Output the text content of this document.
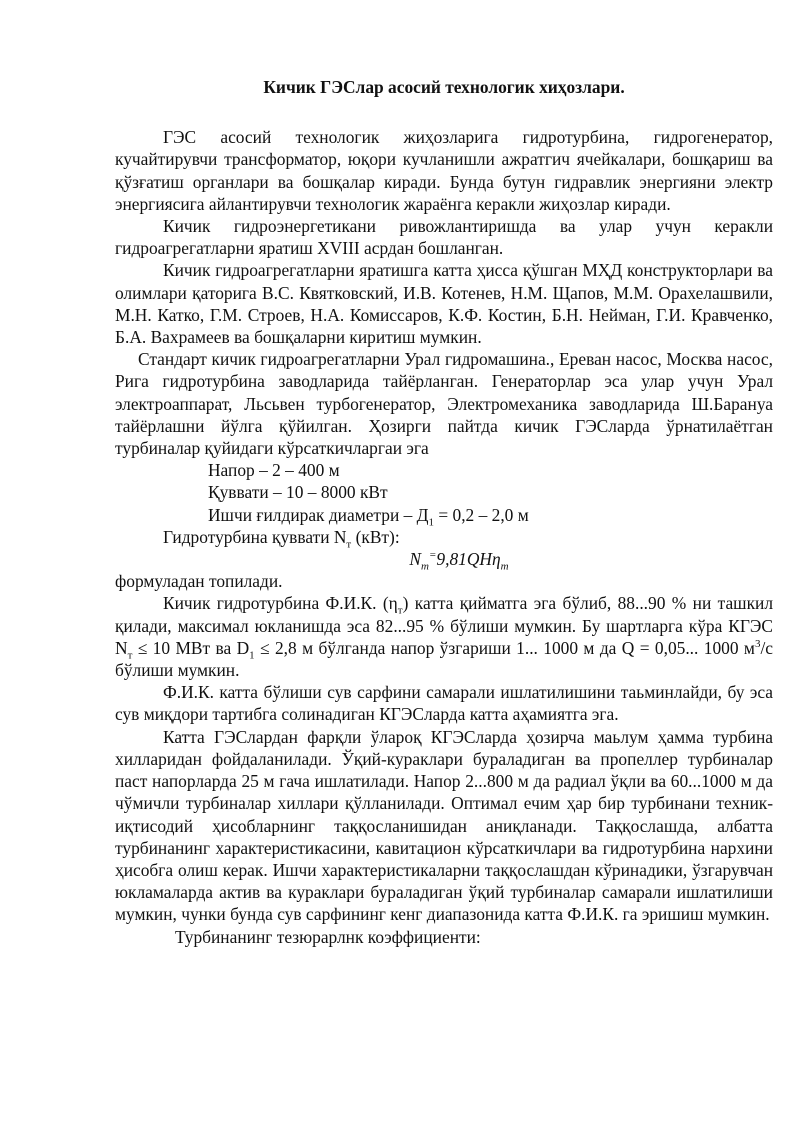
Кичик ГЭСлар асосий технологик хиҳозлари.

ГЭС асосий технологик жиҳозларига гидротурбина, гидрогенератор, кучайтирувчи трансформатор, юқори кучланишли ажратгич ячейкалари, бошқариш ва қўзғатиш органлари ва бошқалар киради. Бунда бутун гидравлик энергияни электр энергиясига айлантирувчи технологик жараёнга керакли жиҳозлар киради.

Кичик гидроэнергетикани ривожлантиришда ва улар учун керакли гидроагрегатларни яратиш XVIII асрдан бошланган.

Кичик гидроагрегатларни яратишга катта ҳисса қўшган МҲД конструкторлари ва олимлари қаторига В.С. Квятковский, И.В. Котенев, Н.М. Щапов, М.М. Орахелашвили, М.Н. Катко, Г.М. Строев, Н.А. Комиссаров, К.Ф. Костин, Б.Н. Нейман, Г.И. Кравченко, Б.А. Вахрамеев ва бошқаларни киритиш мумкин.

Стандарт кичик гидроагрегатларни Урал гидромашина., Ереван насос, Москва насос, Рига гидротурбина заводларида тайёрланган. Генераторлар эса улар учун Урал электроаппарат, Льсьвен турбогенератор, Электромеханика заводларида Ш.Барануа тайёрлашни йўлга қўйилган. Ҳозирги пайтда кичик ГЭСларда ўрнатилаётган турбиналар қуйидаги кўрсаткичларгаи эга

Напор – 2 – 400 м

Қуввати – 10 – 8000 кВт

Ишчи ғилдирак диаметри – $Д_1 = 0,2 - 2,0$ м

Гидротурбина қуввати $N_т$ (кВт):

$N_т^=9,81QH\eta_т$

формуладан топилади.

Кичик гидротурбина Ф.И.К. $(\eta_т)$ катта қийматга эга бўлиб, 88...90 % ни ташкил қилади, максимал юкланишда эса 82...95 % бўлиши мумкин. Бу шартларга кўра КГЭС $N_т \le 10$ МВт ва $D_1 \le 2,8$ м бўлганда напор ўзгариши 1... 1000 м да Q = 0,05... 1000 $м^3/с$ бўлиши мумкин.

Ф.И.К. катта бўлиши сув сарфини самарали ишлатилишини таьминлайди, бу эса сув миқдори тартибга солинадиган КГЭСларда катта аҳамиятга эга.

Катта ГЭСлардан фарқли ўлароқ КГЭСларда ҳозирча маьлум ҳамма турбина хилларидан фойдаланилади. Ўқий-кураклари бураладиган ва пропеллер турбиналар паст напорларда 25 м гача ишлатилади. Напор 2...800 м да радиал ўқли ва 60...1000 м да чўмичли турбиналар хиллари қўлланилади. Оптимал ечим ҳар бир турбинани техник-иқтисодий ҳисобларнинг таққосланишидан аниқланади. Таққослашда, албатта турбинанинг характеристикасини, кавитацион кўрсаткичлари ва гидротурбина нархини ҳисобга олиш керак. Ишчи характеристикаларни таққослашдан кўринадики, ўзгарувчан юкламаларда актив ва кураклари бураладиган ўқий турбиналар самарали ишлатилиши мумкин, чунки бунда сув сарфининг кенг диапазонида катта Ф.И.К. га эришиш мумкин.

Турбинанинг тезюрарлнк коэффициенти:
